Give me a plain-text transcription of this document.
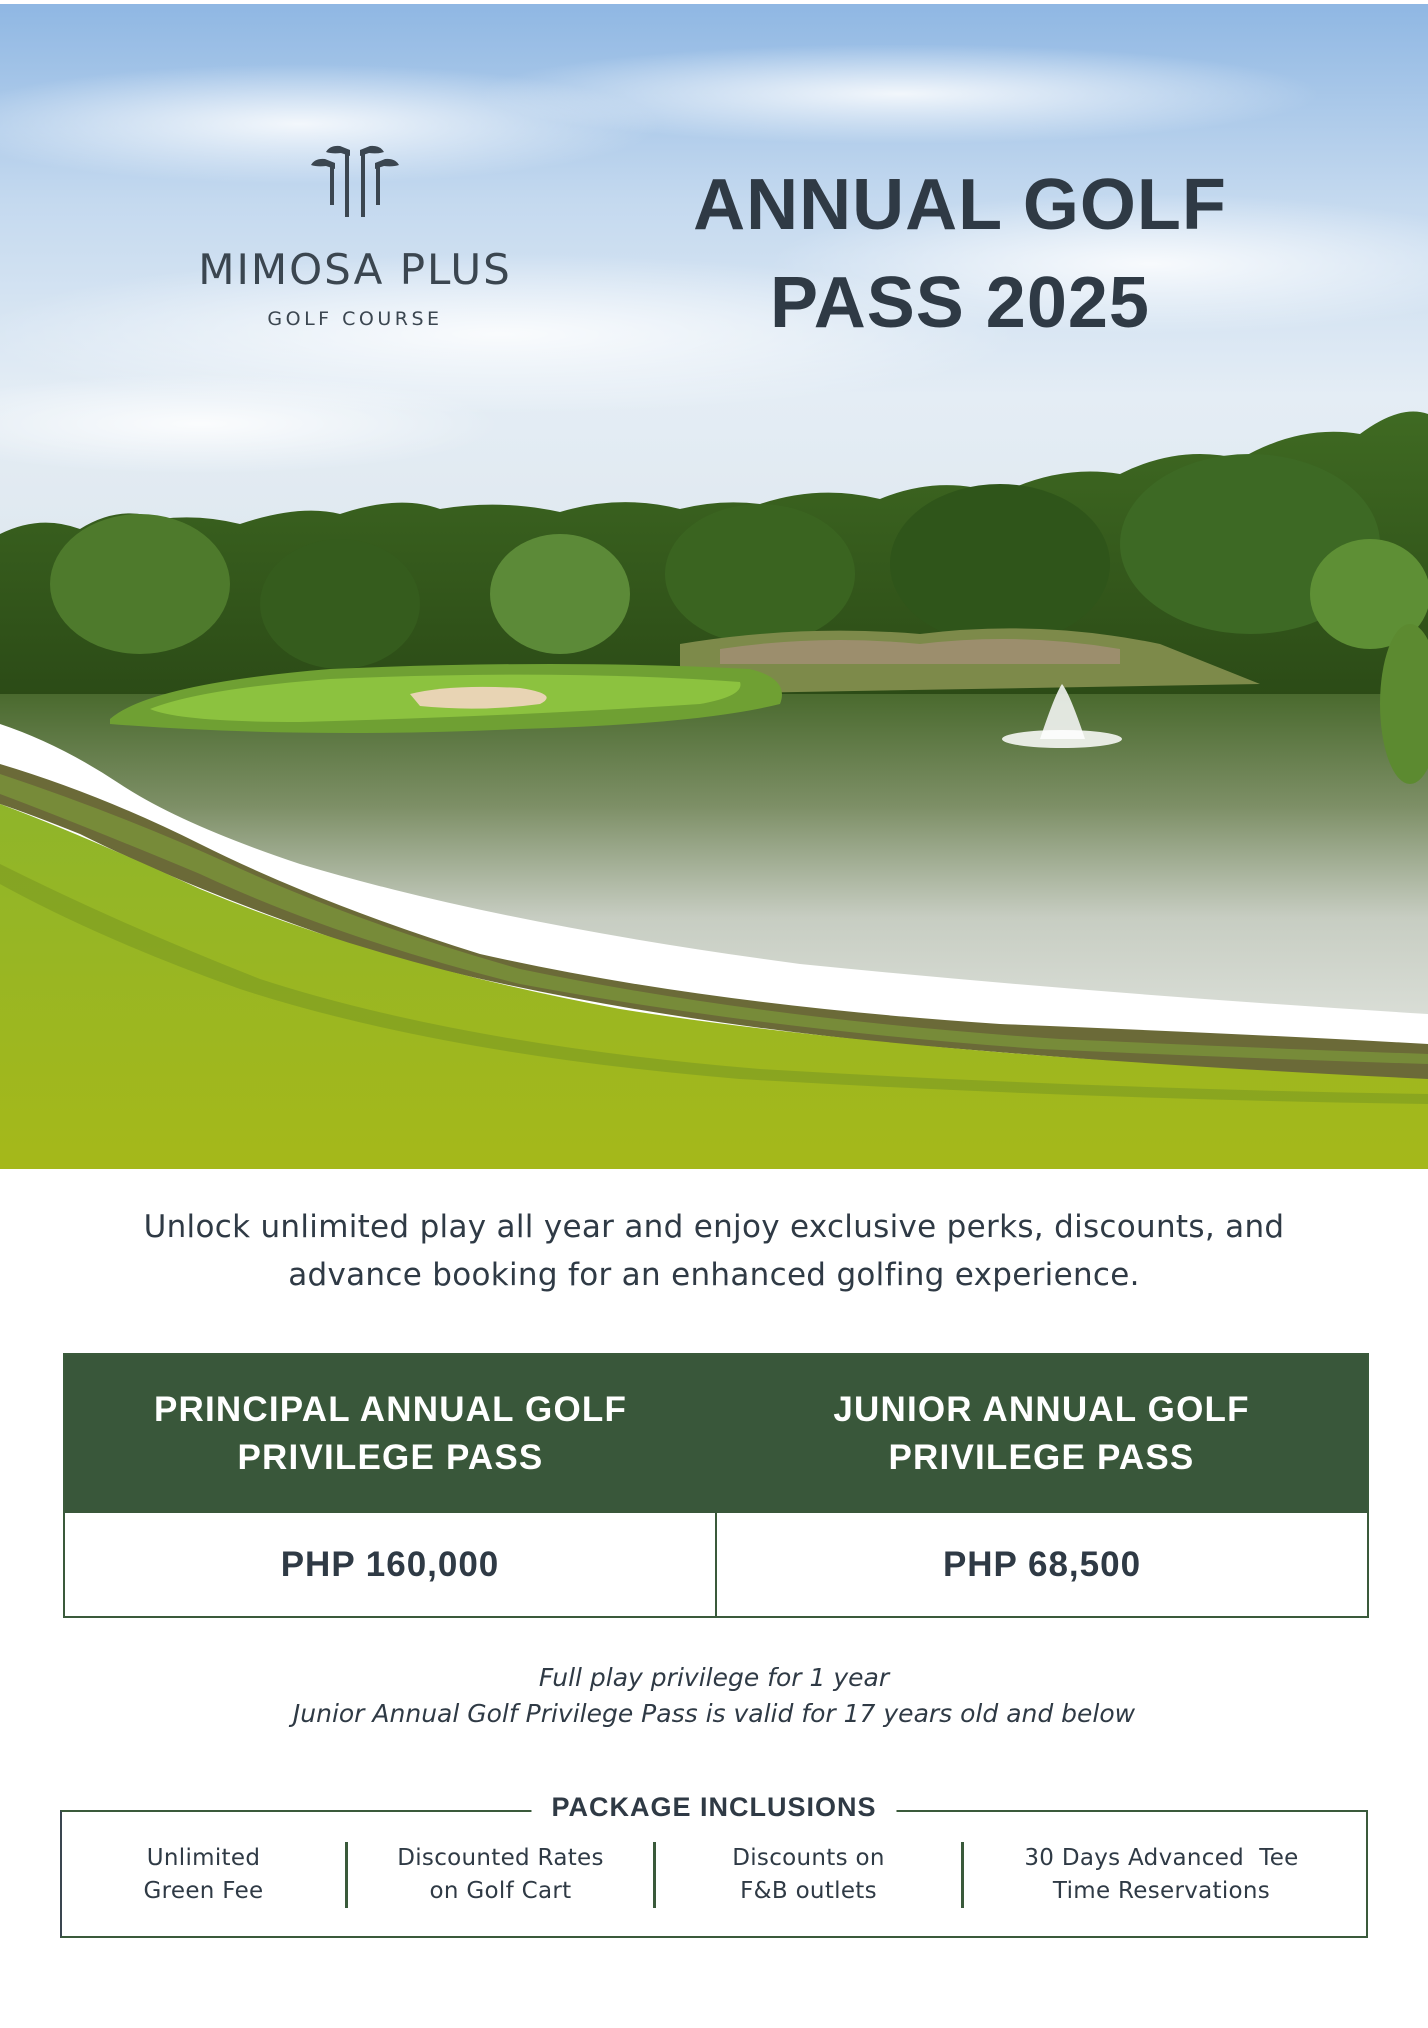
MIMOSA PLUS
GOLF COURSE
ANNUAL GOLF
PASS 2025

Unlock unlimited play all year and enjoy exclusive perks, discounts, and
advance booking for an enhanced golfing experience.

PRINCIPAL ANNUAL GOLF
PRIVILEGE PASS
JUNIOR ANNUAL GOLF
PRIVILEGE PASS
PHP 160,000	PHP 68,500

Full play privilege for 1 year
Junior Annual Golf Privilege Pass is valid for 17 years old and below

PACKAGE INCLUSIONS
Unlimited
Green Fee
Discounted Rates
on Golf Cart
Discounts on
F&B outlets
30 Days Advanced  Tee
Time Reservations
